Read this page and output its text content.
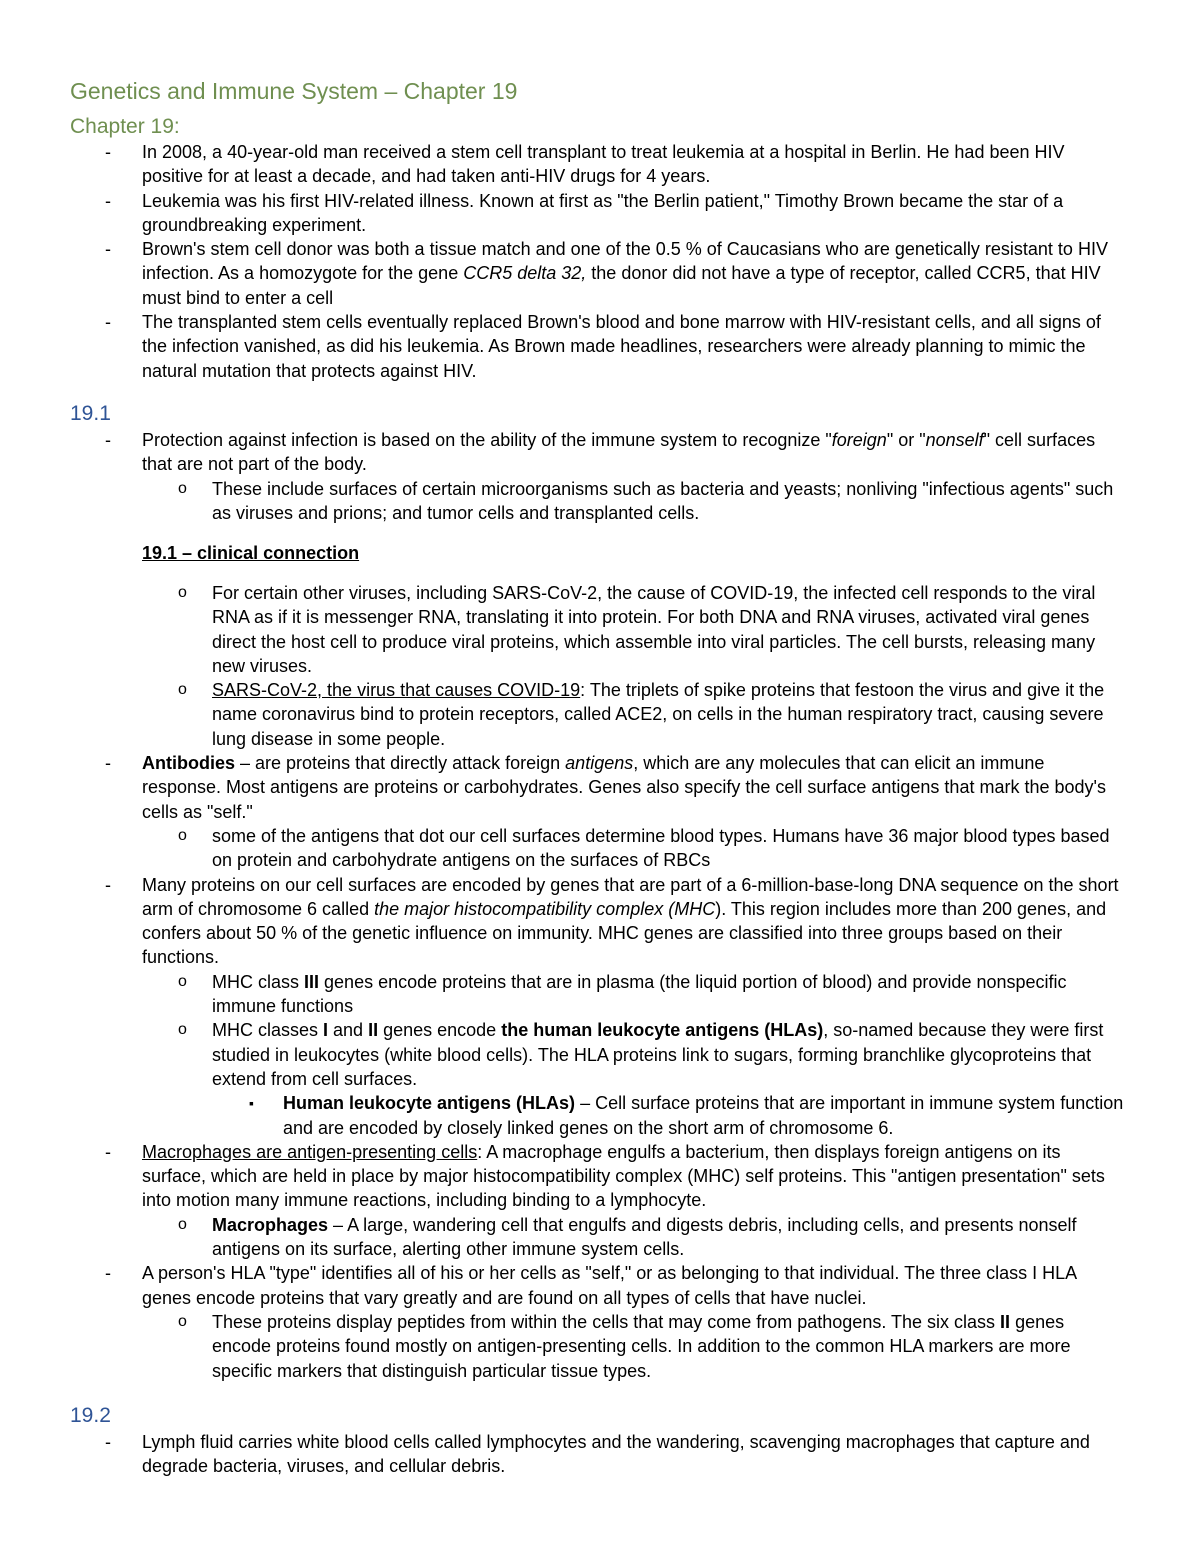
Genetics and Immune System – Chapter 19
Chapter 19:
- In 2008, a 40-year-old man received a stem cell transplant to treat leukemia at a hospital in Berlin. He had been HIV positive for at least a decade, and had taken anti-HIV drugs for 4 years.
- Leukemia was his first HIV-related illness. Known at first as "the Berlin patient," Timothy Brown became the star of a groundbreaking experiment.
- Brown's stem cell donor was both a tissue match and one of the 0.5 % of Caucasians who are genetically resistant to HIV infection. As a homozygote for the gene CCR5 delta 32, the donor did not have a type of receptor, called CCR5, that HIV must bind to enter a cell
- The transplanted stem cells eventually replaced Brown's blood and bone marrow with HIV-resistant cells, and all signs of the infection vanished, as did his leukemia. As Brown made headlines, researchers were already planning to mimic the natural mutation that protects against HIV.
19.1
- Protection against infection is based on the ability of the immune system to recognize "foreign" or "nonself" cell surfaces that are not part of the body.
o These include surfaces of certain microorganisms such as bacteria and yeasts; nonliving "infectious agents" such as viruses and prions; and tumor cells and transplanted cells.
19.1 – clinical connection
o For certain other viruses, including SARS-CoV-2, the cause of COVID-19, the infected cell responds to the viral RNA as if it is messenger RNA, translating it into protein. For both DNA and RNA viruses, activated viral genes direct the host cell to produce viral proteins, which assemble into viral particles. The cell bursts, releasing many new viruses.
o SARS-CoV-2, the virus that causes COVID-19: The triplets of spike proteins that festoon the virus and give it the name coronavirus bind to protein receptors, called ACE2, on cells in the human respiratory tract, causing severe lung disease in some people.
- Antibodies – are proteins that directly attack foreign antigens, which are any molecules that can elicit an immune response. Most antigens are proteins or carbohydrates. Genes also specify the cell surface antigens that mark the body's cells as "self."
o some of the antigens that dot our cell surfaces determine blood types. Humans have 36 major blood types based on protein and carbohydrate antigens on the surfaces of RBCs
- Many proteins on our cell surfaces are encoded by genes that are part of a 6-million-base-long DNA sequence on the short arm of chromosome 6 called the major histocompatibility complex (MHC). This region includes more than 200 genes, and confers about 50 % of the genetic influence on immunity. MHC genes are classified into three groups based on their functions.
o MHC class III genes encode proteins that are in plasma (the liquid portion of blood) and provide nonspecific immune functions
o MHC classes I and II genes encode the human leukocyte antigens (HLAs), so-named because they were first studied in leukocytes (white blood cells). The HLA proteins link to sugars, forming branchlike glycoproteins that extend from cell surfaces.
▪ Human leukocyte antigens (HLAs) – Cell surface proteins that are important in immune system function and are encoded by closely linked genes on the short arm of chromosome 6.
- Macrophages are antigen-presenting cells: A macrophage engulfs a bacterium, then displays foreign antigens on its surface, which are held in place by major histocompatibility complex (MHC) self proteins. This "antigen presentation" sets into motion many immune reactions, including binding to a lymphocyte.
o Macrophages – A large, wandering cell that engulfs and digests debris, including cells, and presents nonself antigens on its surface, alerting other immune system cells.
- A person's HLA "type" identifies all of his or her cells as "self," or as belonging to that individual. The three class I HLA genes encode proteins that vary greatly and are found on all types of cells that have nuclei.
o These proteins display peptides from within the cells that may come from pathogens. The six class II genes encode proteins found mostly on antigen-presenting cells. In addition to the common HLA markers are more specific markers that distinguish particular tissue types.
19.2
- Lymph fluid carries white blood cells called lymphocytes and the wandering, scavenging macrophages that capture and degrade bacteria, viruses, and cellular debris.
